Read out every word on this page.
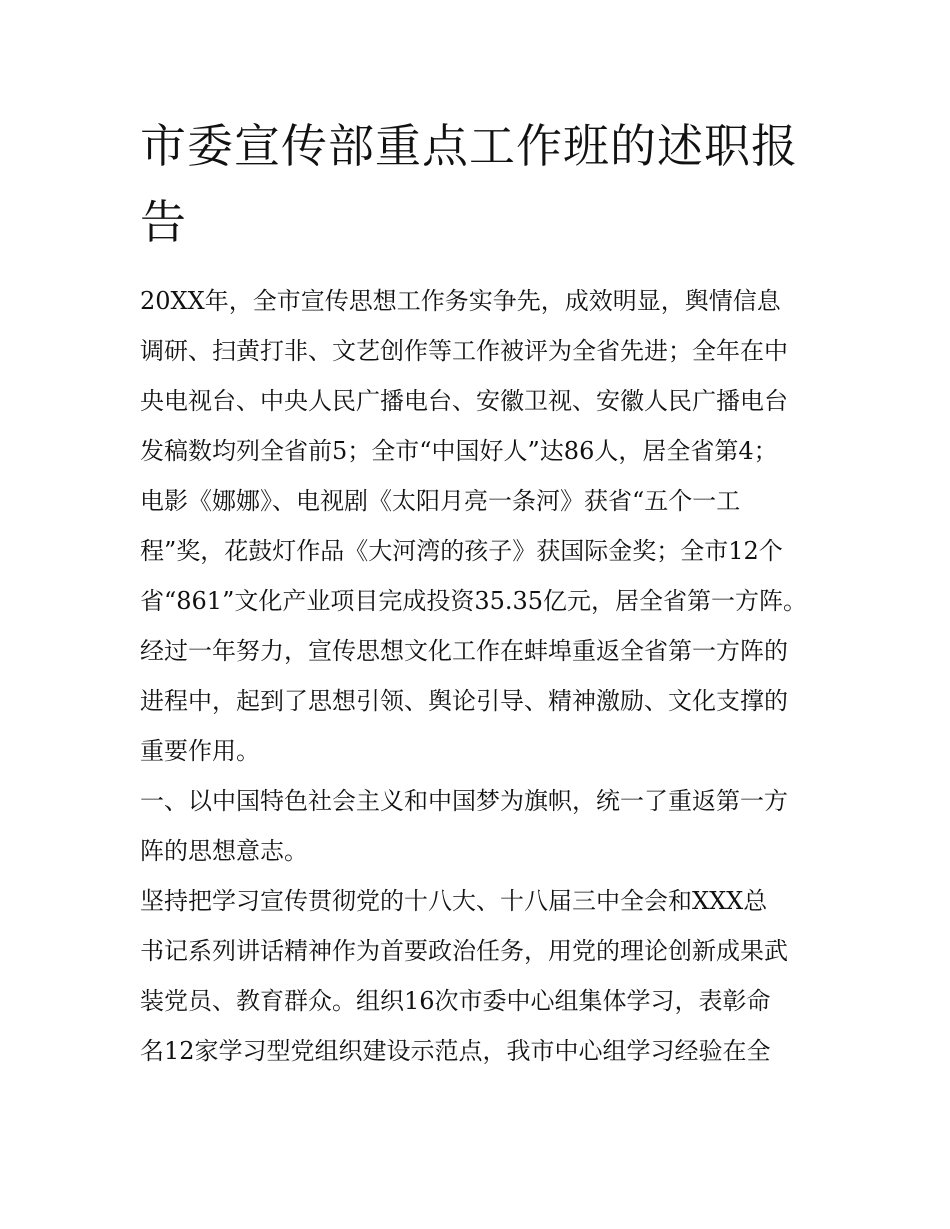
市委宣传部重点工作班的述职报告

20XX年，全市宣传思想工作务实争先，成效明显，舆情信息

调研、扫黄打非、文艺创作等工作被评为全省先进；全年在中

央电视台、中央人民广播电台、安徽卫视、安徽人民广播电台

发稿数均列全省前5；全市“中国好人”达86人，居全省第4；

电影《娜娜》、电视剧《太阳月亮一条河》获省“五个一工

程”奖，花鼓灯作品《大河湾的孩子》获国际金奖；全市12个

省“861”文化产业项目完成投资35.35亿元，居全省第一方阵。

经过一年努力，宣传思想文化工作在蚌埠重返全省第一方阵的

进程中，起到了思想引领、舆论引导、精神激励、文化支撑的

重要作用。

一、以中国特色社会主义和中国梦为旗帜，统一了重返第一方

阵的思想意志。

坚持把学习宣传贯彻党的十八大、十八届三中全会和XXX总

书记系列讲话精神作为首要政治任务，用党的理论创新成果武

装党员、教育群众。组织16次市委中心组集体学习，表彰命

名12家学习型党组织建设示范点，我市中心组学习经验在全
